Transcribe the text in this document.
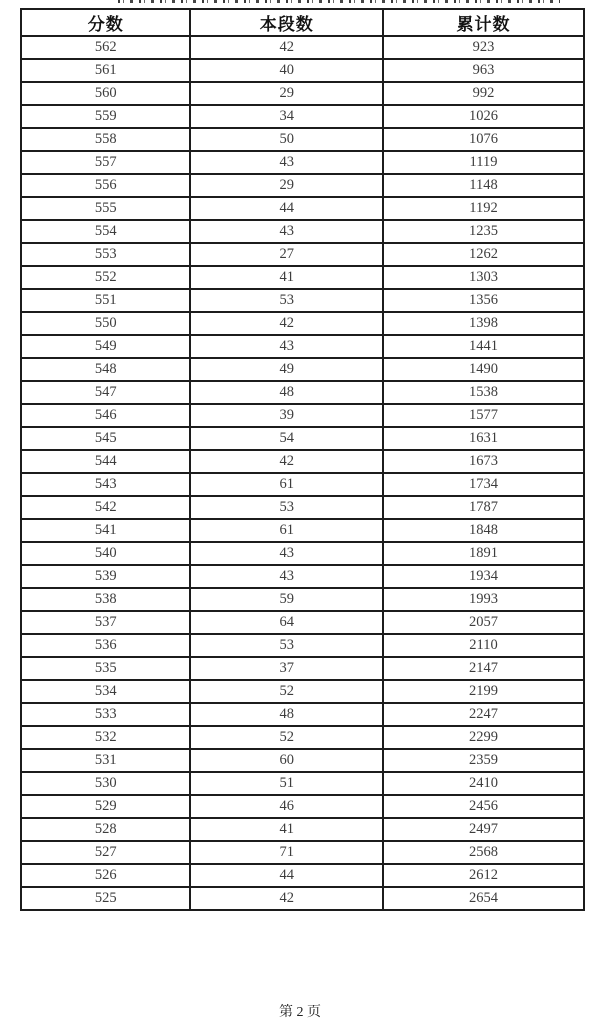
分数	本段数	累计数
562	42	923
561	40	963
560	29	992
559	34	1026
558	50	1076
557	43	1119
556	29	1148
555	44	1192
554	43	1235
553	27	1262
552	41	1303
551	53	1356
550	42	1398
549	43	1441
548	49	1490
547	48	1538
546	39	1577
545	54	1631
544	42	1673
543	61	1734
542	53	1787
541	61	1848
540	43	1891
539	43	1934
538	59	1993
537	64	2057
536	53	2110
535	37	2147
534	52	2199
533	48	2247
532	52	2299
531	60	2359
530	51	2410
529	46	2456
528	41	2497
527	71	2568
526	44	2612
525	42	2654
第 2 页
